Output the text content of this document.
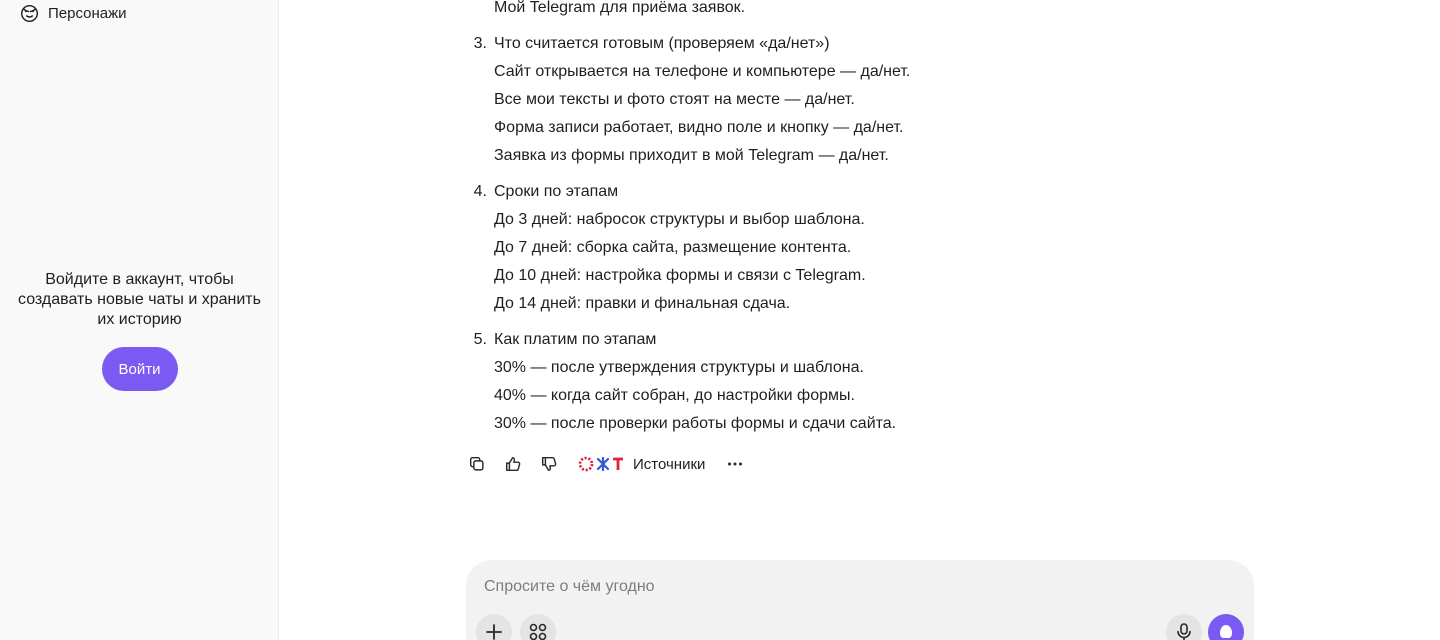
Персонажи

Войдите в аккаунт, чтобы создавать новые чаты и хранить их историю

Войти
Мой Telegram для приёма заявок.
3. Что считается готовым (проверяем «да/нет»)
Сайт открывается на телефоне и компьютере — да/нет.
Все мои тексты и фото стоят на месте — да/нет.
Форма записи работает, видно поле и кнопку — да/нет.
Заявка из формы приходит в мой Telegram — да/нет.
4. Сроки по этапам
До 3 дней: набросок структуры и выбор шаблона.
До 7 дней: сборка сайта, размещение контента.
До 10 дней: настройка формы и связи с Telegram.
До 14 дней: правки и финальная сдача.
5. Как платим по этапам
30% — после утверждения структуры и шаблона.
40% — когда сайт собран, до настройки формы.
30% — после проверки работы формы и сдачи сайта.
Источники
Спросите о чём угодно
